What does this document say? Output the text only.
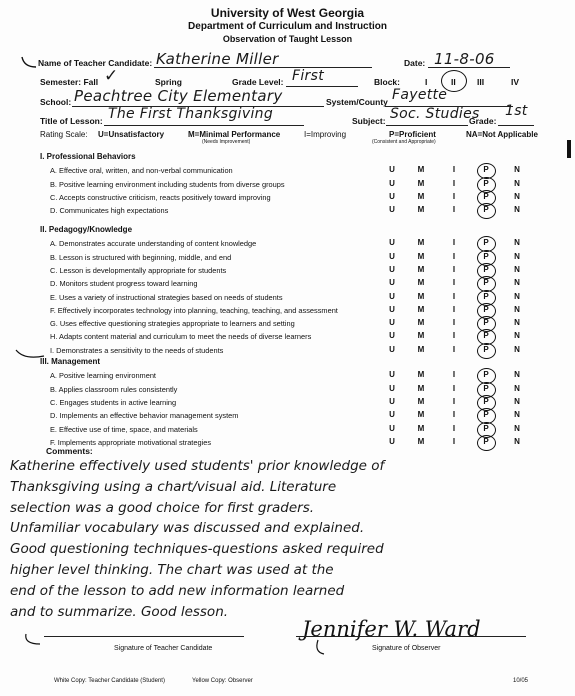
University of West Georgia
Department of Curriculum and Instruction
Observation of Taught Lesson
Name of Teacher Candidate: Katherine Miller	Date: 11-8-06
Semester: Fall ✓	Spring	Grade Level: First	Block:	I	II	III	IV
School: Peachtree City Elementary	System/County Fayette
Title of Lesson: The First Thanksgiving	Subject: Soc. Studies
Grade:
1st
Rating Scale: U=Unsatisfactory	M=Minimal Performance
(Needs Improvement)
I=Improving	P=Proficient
(Consistent and Appropriate)
NA=Not Applicable
I. Professional Behaviors
A. Effective oral, written, and non-verbal communication	U	M	I	P	N
B. Positive learning environment including students from diverse groups	U	M	I	P	N
C. Accepts constructive criticism, reacts positively toward improving	U	M	I	P	N
D. Communicates high expectations	U	M	I	P	N
II. Pedagogy/Knowledge
A. Demonstrates accurate understanding of content knowledge	U	M	I	P	N
B. Lesson is structured with beginning, middle, and end	U	M	I	P	N
C. Lesson is developmentally appropriate for students	U	M	I	P	N
D. Monitors student progress toward learning	U	M	I	P	N
E. Uses a variety of instructional strategies based on needs of students	U	M	I	P	N
F. Effectively incorporates technology into planning, teaching, teaching, and assessment	U	M	I	P	N
G. Uses effective questioning strategies appropriate to learners and setting	U	M	I	P	N
H. Adapts content material and curriculum to meet the needs of diverse learners	U	M	I	P	N
I. Demonstrates a sensitivity to the needs of students	U	M	I	P	N
III. Management
A. Positive learning environment	U	M	I	P	N
B. Applies classroom rules consistently	U	M	I	P	N
C. Engages students in active learning	U	M	I	P	N
D. Implements an effective behavior management system	U	M	I	P	N
E. Effective use of time, space, and materials	U	M	I	P	N
F. Implements appropriate motivational strategies	U	M	I	P	N
Comments:
Katherine effectively used students' prior knowledge of
Thanksgiving using a chart/visual aid. Literature
selection was a good choice for first graders.
Unfamiliar vocabulary was discussed and explained.
Good questioning techniques-questions asked required
higher level thinking. The chart was used at the
end of the lesson to add new information learned
and to summarize. Good lesson.
Signature of Teacher Candidate
Jennifer W. Ward
Signature of Observer
White Copy: Teacher Candidate (Student)	Yellow Copy: Observer	10/05
